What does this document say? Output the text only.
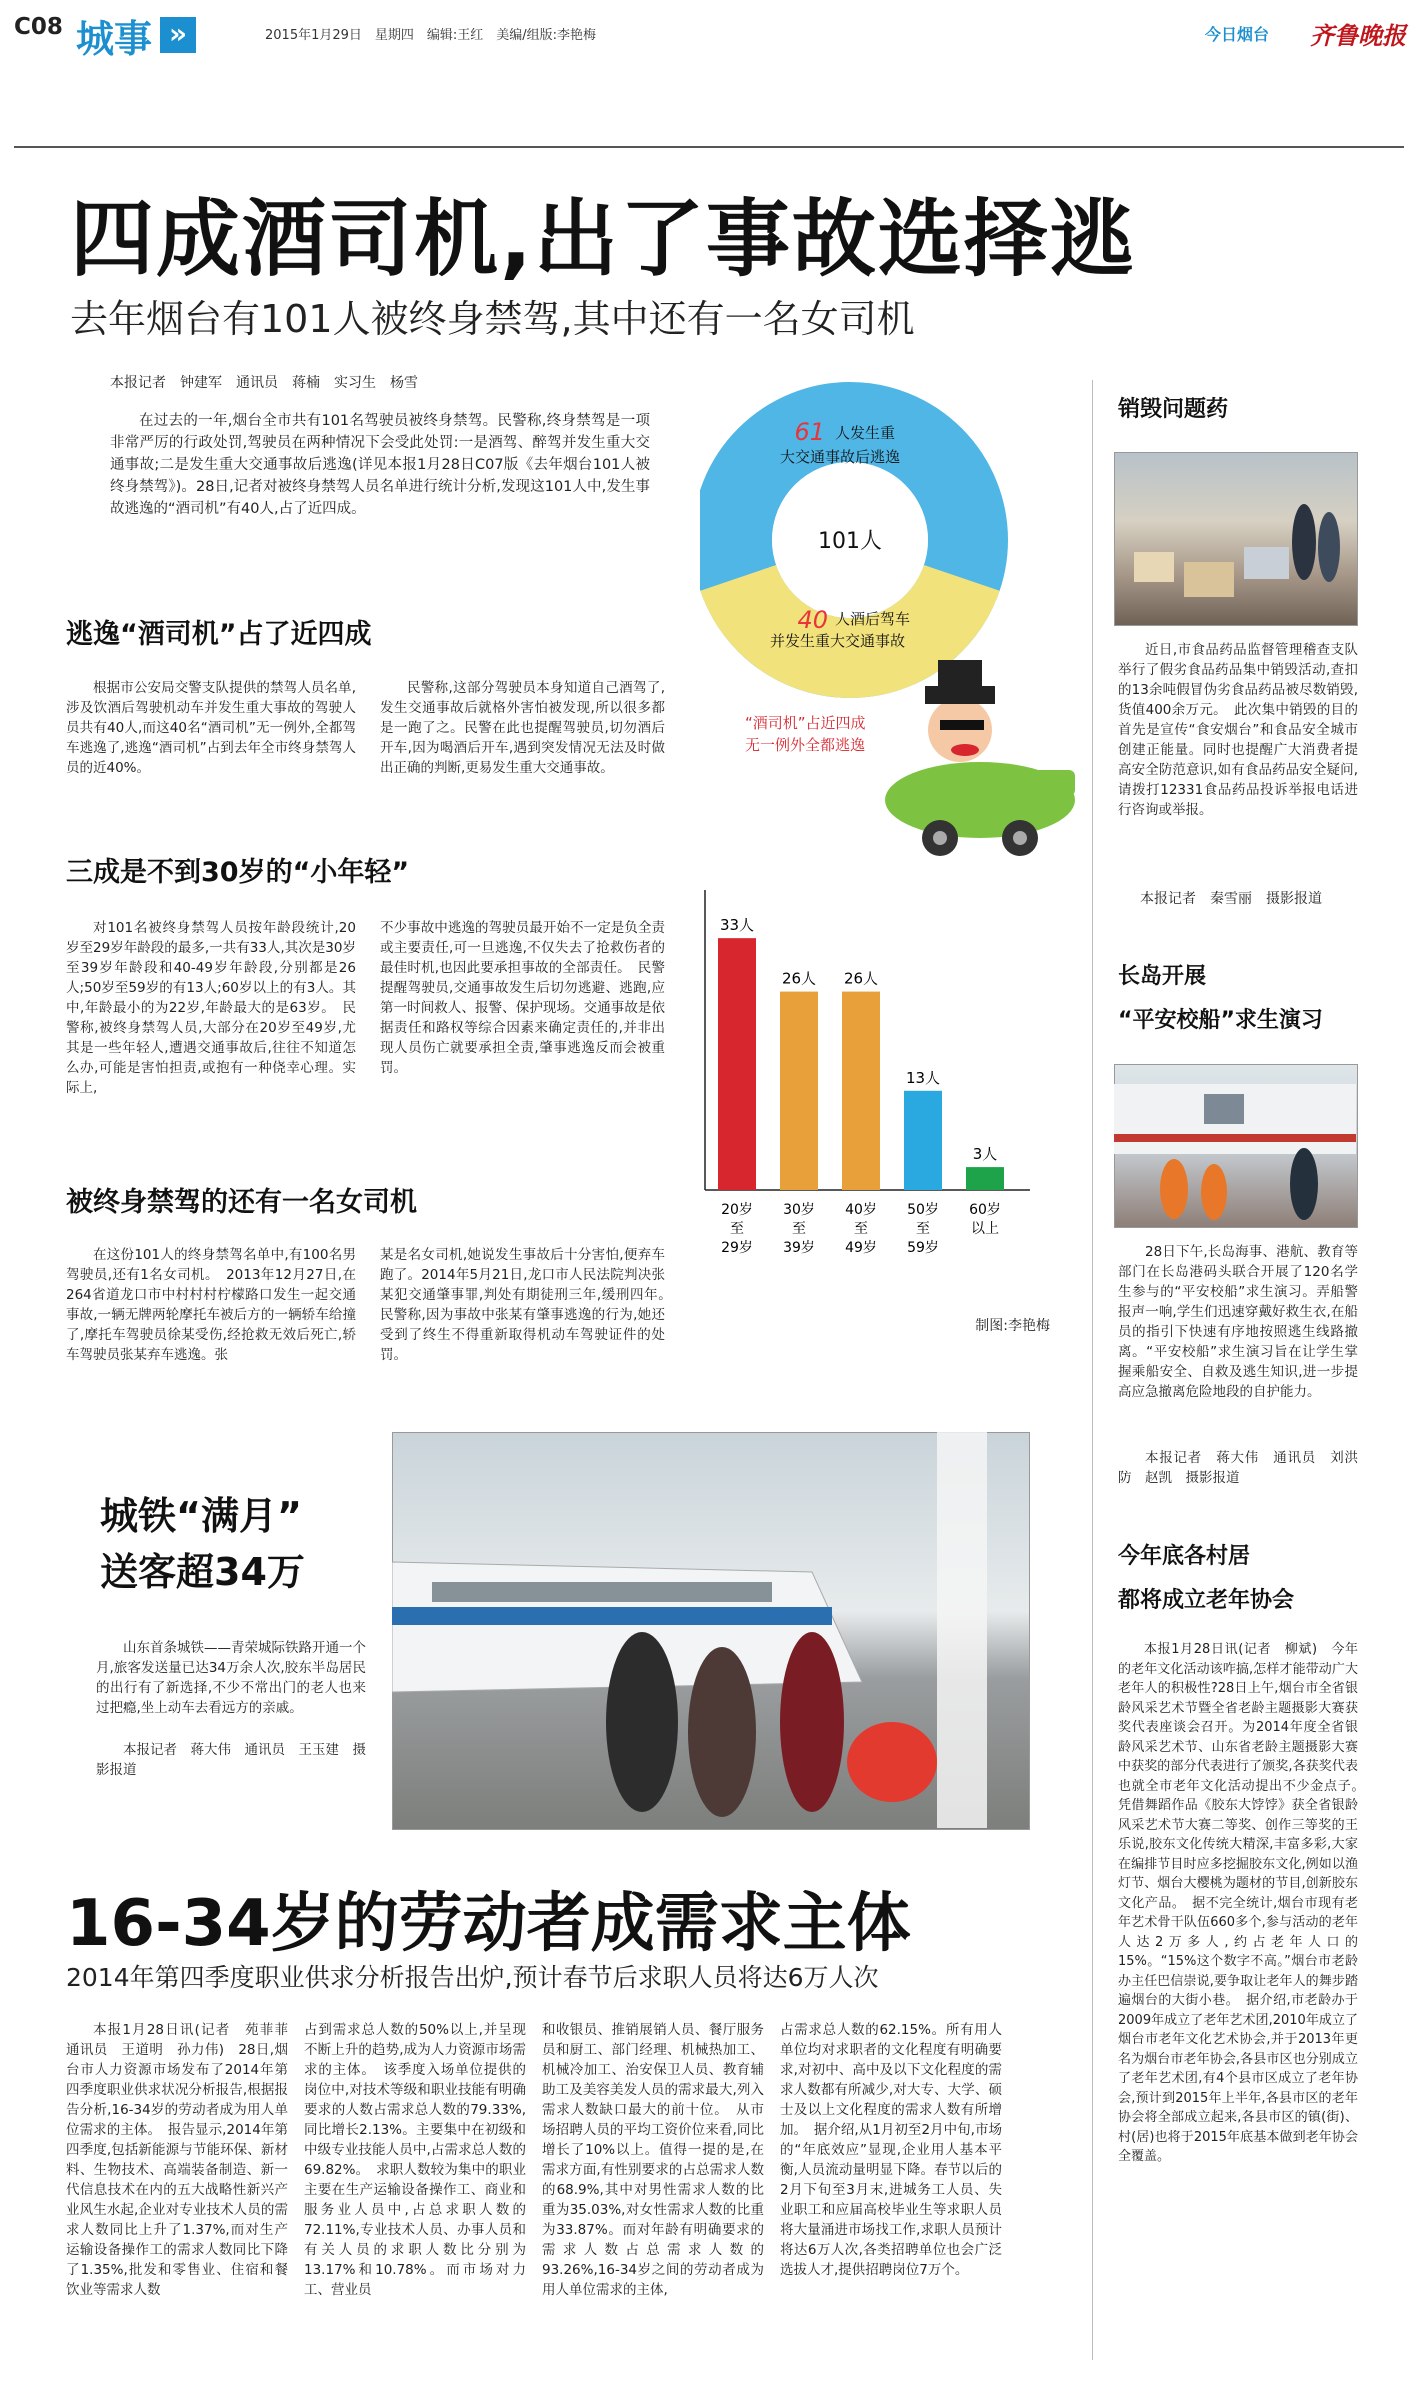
C08 城事 »	2015年1月29日　星期四　编辑:王红　美编/组版:李艳梅	今日烟台 齐鲁晚报
四成酒司机,出了事故选择逃
去年烟台有101人被终身禁驾,其中还有一名女司机
本报记者　钟建军　通讯员　蒋楠　实习生　杨雪

在过去的一年,烟台全市共有101名驾驶员被终身禁驾。民警称,终身禁驾是一项非常严厉的行政处罚,驾驶员在两种情况下会受此处罚:一是酒驾、醉驾并发生重大交通事故;二是发生重大交通事故后逃逸(详见本报1月28日C07版《去年烟台101人被终身禁驾》)。28日,记者对被终身禁驾人员名单进行统计分析,发现这101人中,发生事故逃逸的“酒司机”有40人,占了近四成。

逃逸“酒司机”占了近四成

根据市公安局交警支队提供的禁驾人员名单,涉及饮酒后驾驶机动车并发生重大事故的驾驶人员共有40人,而这40名“酒司机”无一例外,全都驾车逃逸了,逃逸“酒司机”占到去年全市终身禁驾人员的近40%。

民警称,这部分驾驶员本身知道自己酒驾了,发生交通事故后就格外害怕被发现,所以很多都是一跑了之。民警在此也提醒驾驶员,切勿酒后开车,因为喝酒后开车,遇到突发情况无法及时做出正确的判断,更易发生重大交通事故。

三成是不到30岁的“小年轻”

对101名被终身禁驾人员按年龄段统计,20岁至29岁年龄段的最多,一共有33人,其次是30岁至39岁年龄段和40-49岁年龄段,分别都是26人;50岁至59岁的有13人;60岁以上的有3人。其中,年龄最小的为22岁,年龄最大的是63岁。　民警称,被终身禁驾人员,大部分在20岁至49岁,尤其是一些年轻人,遭遇交通事故后,往往不知道怎么办,可能是害怕担责,或抱有一种侥幸心理。实际上,

不少事故中逃逸的驾驶员最开始不一定是负全责或主要责任,可一旦逃逸,不仅失去了抢救伤者的最佳时机,也因此要承担事故的全部责任。　民警提醒驾驶员,交通事故发生后切勿逃避、逃跑,应第一时间救人、报警、保护现场。交通事故是依据责任和路权等综合因素来确定责任的,并非出现人员伤亡就要承担全责,肇事逃逸反而会被重罚。

被终身禁驾的还有一名女司机

在这份101人的终身禁驾名单中,有100名男驾驶员,还有1名女司机。　2013年12月27日,在264省道龙口市中村村村柠檬路口发生一起交通事故,一辆无牌两轮摩托车被后方的一辆轿车给撞了,摩托车驾驶员徐某受伤,经抢救无效后死亡,轿车驾驶员张某弃车逃逸。张

某是名女司机,她说发生事故后十分害怕,便弃车跑了。2014年5月21日,龙口市人民法院判决张某犯交通肇事罪,判处有期徒刑三年,缓刑四年。　民警称,因为事故中张某有肇事逃逸的行为,她还受到了终生不得重新取得机动车驾驶证件的处罚。

101人
61 人发生重
大交通事故后逃逸
40 人酒后驾车
并发生重大交通事故
“酒司机”占近四成
无一例外全都逃逸
33人
20岁
至
29岁
26人
30岁
至
39岁
26人
40岁
至
49岁
13人
50岁
至
59岁
3人
60岁
以上
制图:李艳梅
城铁“满月”
送客超34万

山东首条城铁——青荣城际铁路开通一个月,旅客发送量已达34万余人次,胶东半岛居民的出行有了新选择,不少不常出门的老人也来过把瘾,坐上动车去看远方的亲戚。

本报记者　蒋大伟　通讯员　王玉建　摄影报道

16-34岁的劳动者成需求主体
2014年第四季度职业供求分析报告出炉,预计春节后求职人员将达6万人次

本报1月28日讯(记者　苑菲菲　通讯员　王道明　孙力伟)　28日,烟台市人力资源市场发布了2014年第四季度职业供求状况分析报告,根据报告分析,16-34岁的劳动者成为用人单位需求的主体。　报告显示,2014年第四季度,包括新能源与节能环保、新材料、生物技术、高端装备制造、新一代信息技术在内的五大战略性新兴产业风生水起,企业对专业技术人员的需求人数同比上升了1.37%,而对生产运输设备操作工的需求人数同比下降了1.35%,批发和零售业、住宿和餐饮业等需求人数

占到需求总人数的50%以上,并呈现不断上升的趋势,成为人力资源市场需求的主体。　该季度入场单位提供的岗位中,对技术等级和职业技能有明确要求的人数占需求总人数的79.33%,同比增长2.13%。主要集中在初级和中级专业技能人员中,占需求总人数的69.82%。　求职人数较为集中的职业主要在生产运输设备操作工、商业和服务业人员中,占总求职人数的72.11%,专业技术人员、办事人员和有关人员的求职人数比分别为13.17%和10.78%。而市场对力工、营业员

和收银员、推销展销人员、餐厅服务员和厨工、部门经理、机械热加工、机械冷加工、治安保卫人员、教育辅助工及美容美发人员的需求最大,列入需求人数缺口最大的前十位。　从市场招聘人员的平均工资价位来看,同比增长了10%以上。值得一提的是,在需求方面,有性别要求的占总需求人数的68.9%,其中对男性需求人数的比重为35.03%,对女性需求人数的比重为33.87%。而对年龄有明确要求的需求人数占总需求人数的93.26%,16-34岁之间的劳动者成为用人单位需求的主体,

占需求总人数的62.15%。所有用人单位均对求职者的文化程度有明确要求,对初中、高中及以下文化程度的需求人数都有所减少,对大专、大学、硕士及以上文化程度的需求人数有所增加。　据介绍,从1月初至2月中旬,市场的“年底效应”显现,企业用人基本平衡,人员流动量明显下降。春节以后的2月下旬至3月末,进城务工人员、失业职工和应届高校毕业生等求职人员将大量涌进市场找工作,求职人员预计将达6万人次,各类招聘单位也会广泛选拔人才,提供招聘岗位7万个。

销毁问题药

近日,市食品药品监督管理稽查支队举行了假劣食品药品集中销毁活动,查扣的13余吨假冒伪劣食品药品被尽数销毁,货值400余万元。　此次集中销毁的目的首先是宣传“食安烟台”和食品安全城市创建正能量。同时也提醒广大消费者提高安全防范意识,如有食品药品安全疑问,请拨打12331食品药品投诉举报电话进行咨询或举报。

本报记者　秦雪丽　摄影报道
长岛开展
“平安校船”求生演习

28日下午,长岛海事、港航、教育等部门在长岛港码头联合开展了120名学生参与的“平安校船”求生演习。弄船警报声一响,学生们迅速穿戴好救生衣,在船员的指引下快速有序地按照逃生线路撤离。“平安校船”求生演习旨在让学生掌握乘船安全、自救及逃生知识,进一步提高应急撤离危险地段的自护能力。

本报记者　蒋大伟　通讯员　刘洪防　赵凯　摄影报道

今年底各村居
都将成立老年协会

本报1月28日讯(记者　柳斌)　今年的老年文化活动该咋搞,怎样才能带动广大老年人的积极性?28日上午,烟台市全省银龄风采艺术节暨全省老龄主题摄影大赛获奖代表座谈会召开。为2014年度全省银龄风采艺术节、山东省老龄主题摄影大赛中获奖的部分代表进行了颁奖,各获奖代表也就全市老年文化活动提出不少金点子。　凭借舞蹈作品《胶东大饽饽》获全省银龄风采艺术节大赛二等奖、创作三等奖的王乐说,胶东文化传统大精深,丰富多彩,大家在编排节目时应多挖掘胶东文化,例如以渔灯节、烟台大樱桃为题材的节目,创新胶东文化产品。　据不完全统计,烟台市现有老年艺术骨干队伍660多个,参与活动的老年人达2万多人,约占老年人口的15%。“15%这个数字不高。”烟台市老龄办主任巴信崇说,要争取让老年人的舞步踏遍烟台的大街小巷。　据介绍,市老龄办于2009年成立了老年艺术团,2010年成立了烟台市老年文化艺术协会,并于2013年更名为烟台市老年协会,各县市区也分别成立了老年艺术团,有4个县市区成立了老年协会,预计到2015年上半年,各县市区的老年协会将全部成立起来,各县市区的镇(街)、村(居)也将于2015年底基本做到老年协会全覆盖。
